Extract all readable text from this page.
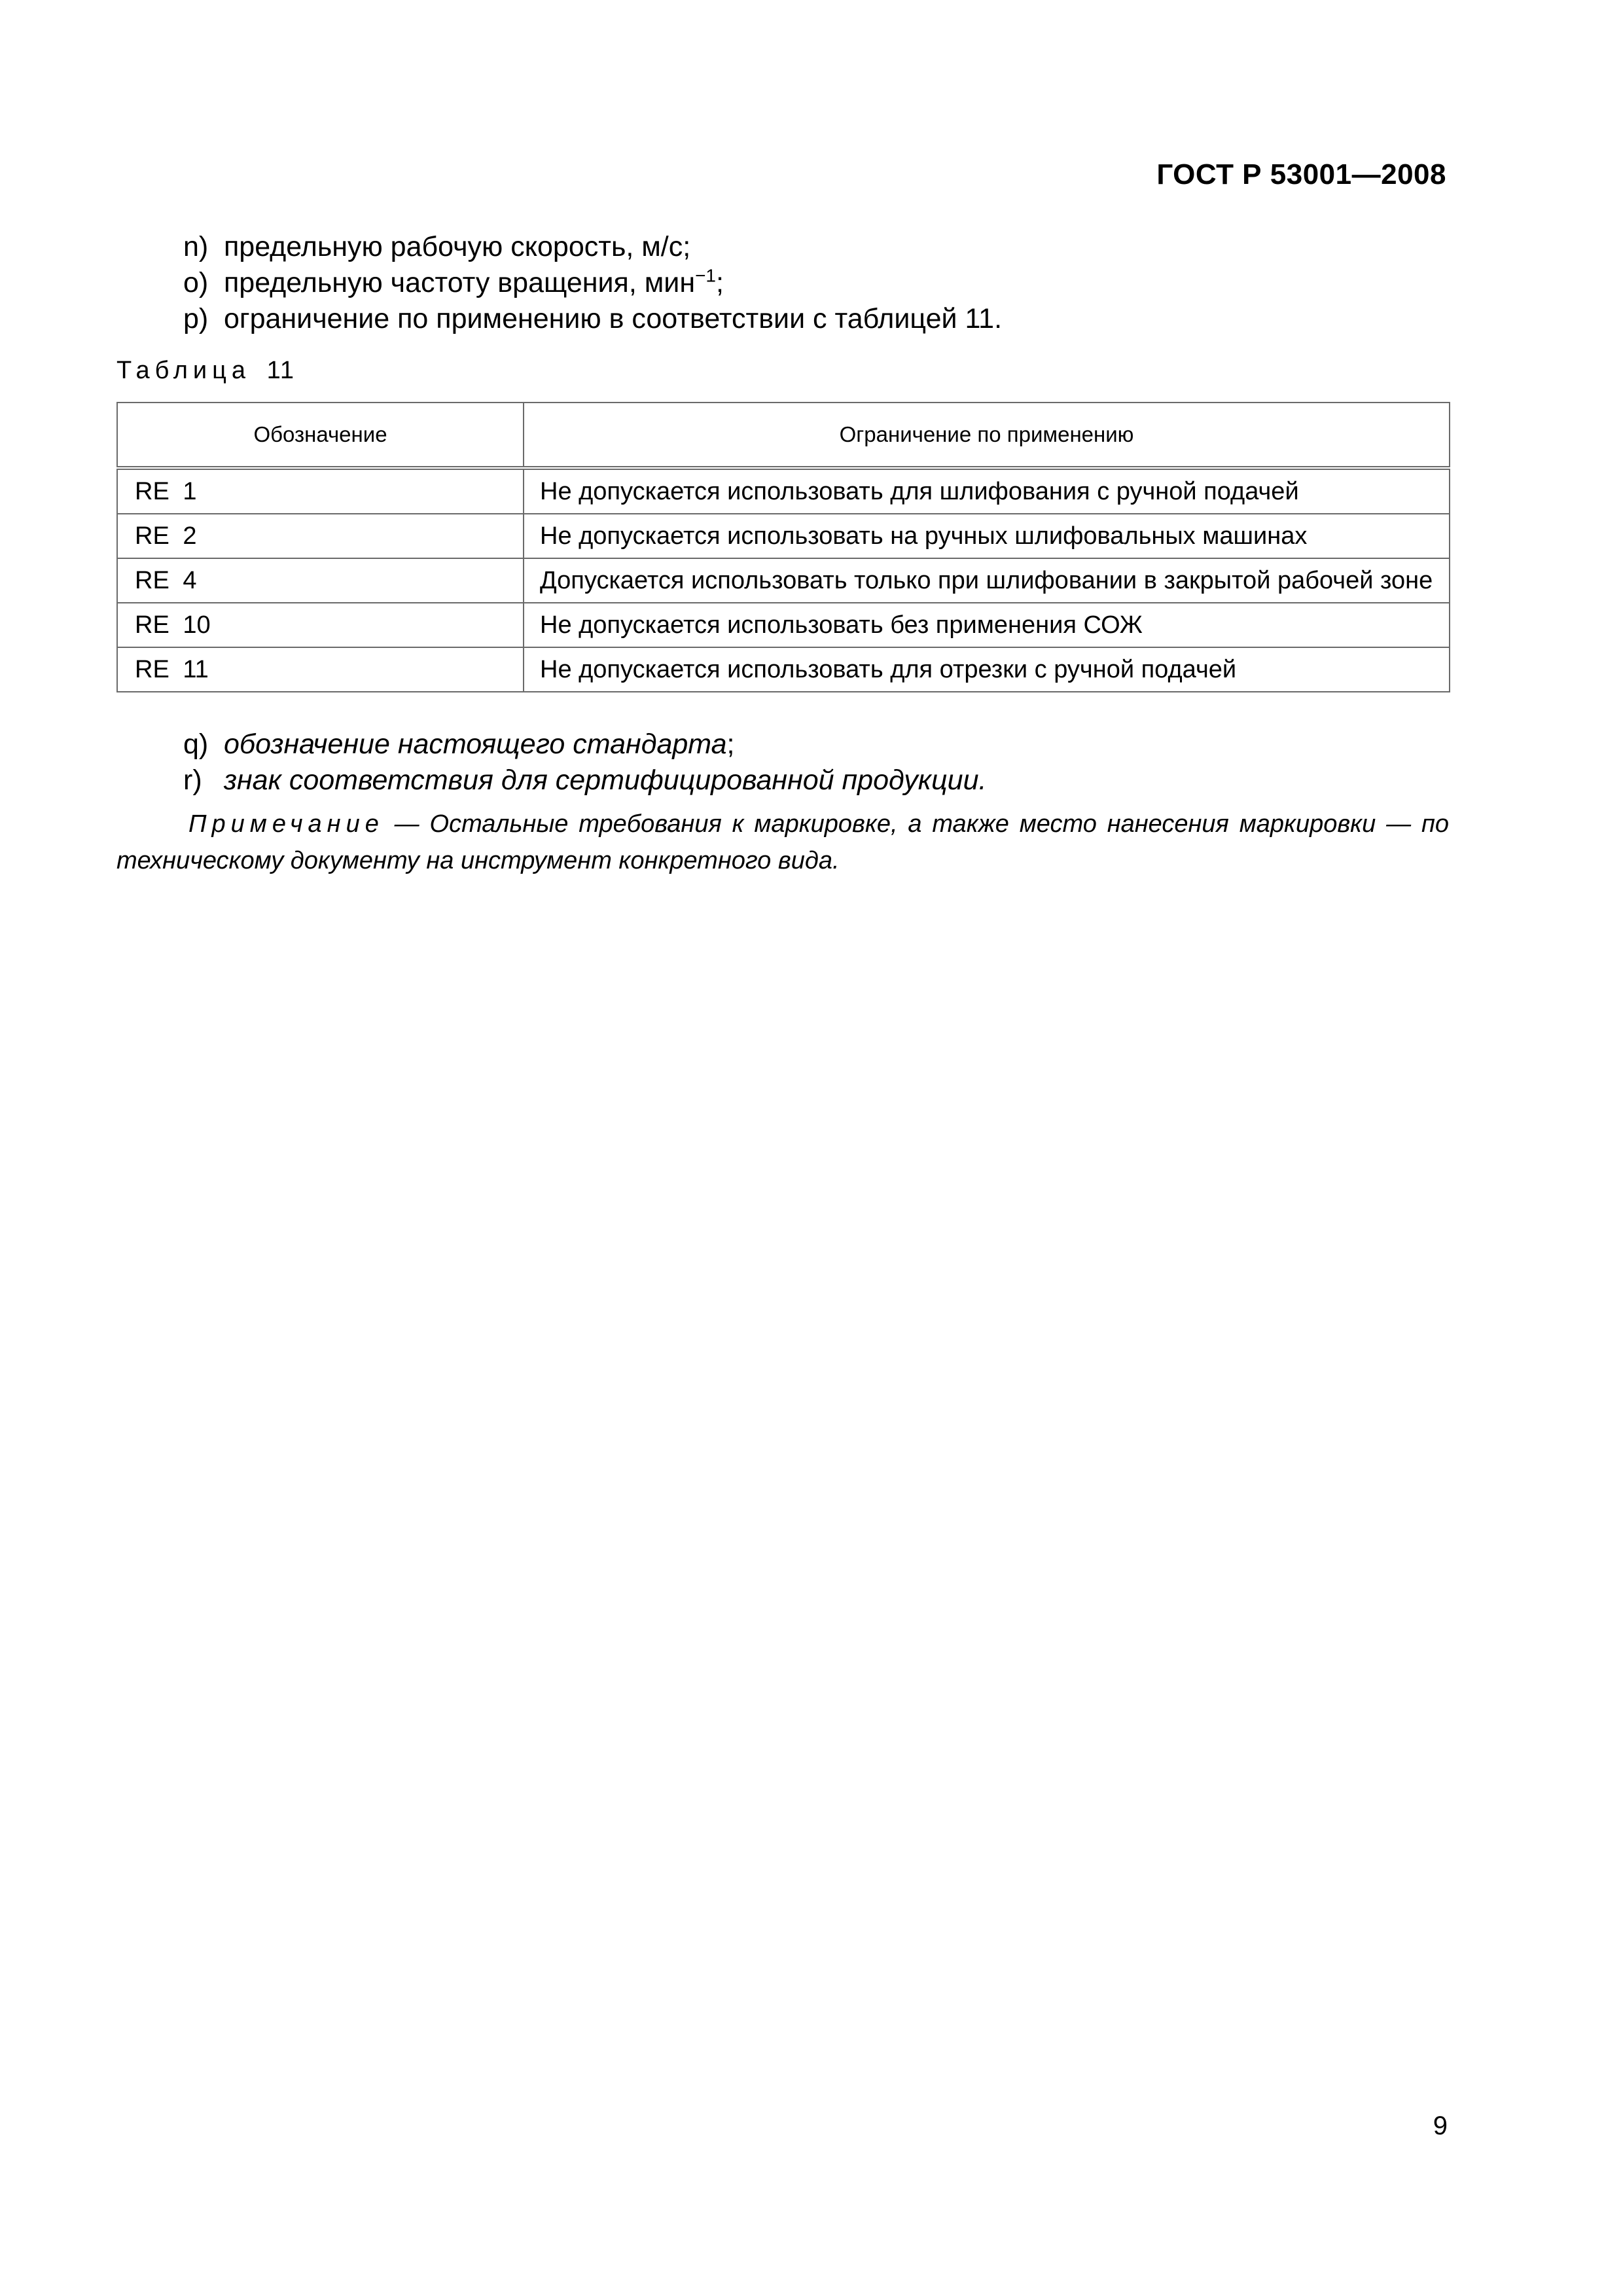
ГОСТ Р 53001—2008
n) предельную рабочую скорость, м/с;
o) предельную частоту вращения, мин$^{-1}$;
p) ограничение по применению в соответствии с таблицей 11.
Таблица 11
Обозначение	Ограничение по применению
RE 1	Не допускается использовать для шлифования с ручной подачей
RE 2	Не допускается использовать на ручных шлифовальных машинах
RE 4	Допускается использовать только при шлифовании в закрытой рабочей зоне
RE 10	Не допускается использовать без применения СОЖ
RE 11	Не допускается использовать для отрезки с ручной подачей
q) обозначение настоящего стандарта;
r) знак соответствия для сертифицированной продукции.

Примечание — Остальные требования к маркировке, а также место нанесения маркировки — по техническому документу на инструмент конкретного вида.

9
